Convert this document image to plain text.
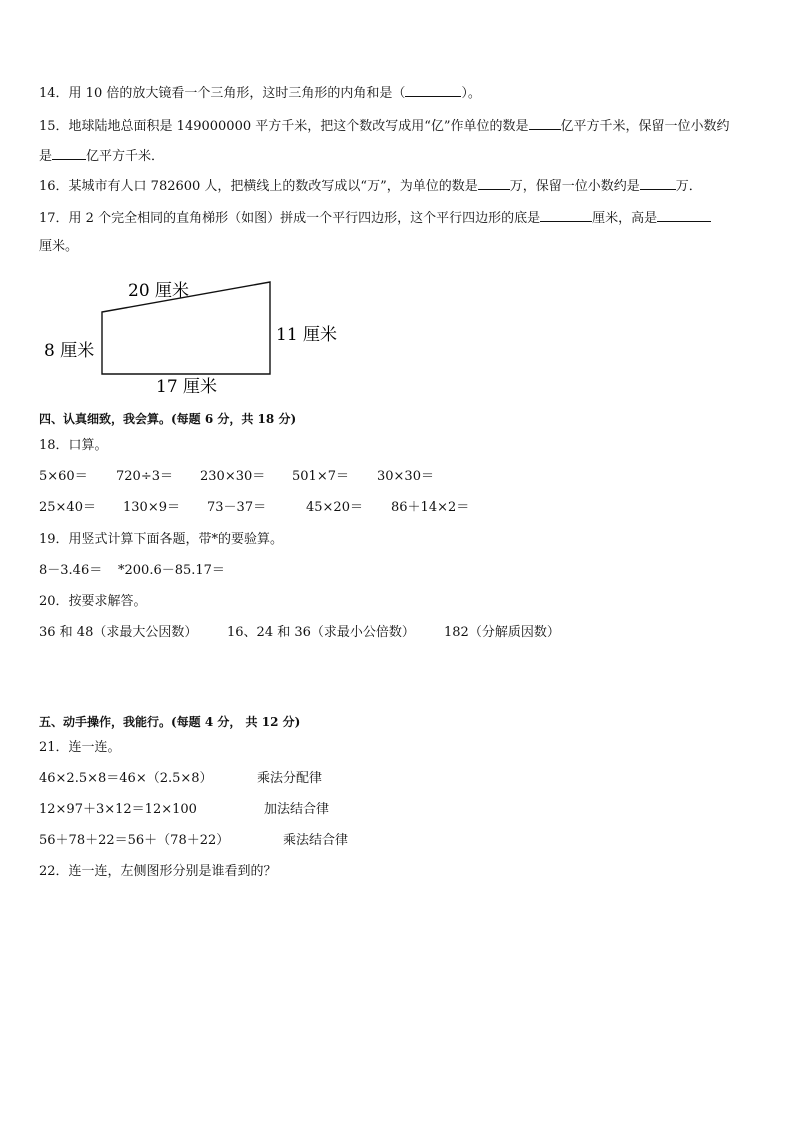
14．用 10 倍的放大镜看一个三角形，这时三角形的内角和是（	）。
15．地球陆地总面积是 149000000 平方千米，把这个数改写成用“亿”作单位的数是 亿平方千米，保留一位小数约
是	亿平方千米．
16．某城市有人口 782600 人，把横线上的数改写成以“万”，为单位的数是 万，保留一位小数约是	万．
17．用 2 个完全相同的直角梯形（如图）拼成一个平行四边形，这个平行四边形的底是	厘米，高是
厘米。
20 厘米
8 厘米
11 厘米
17 厘米
四、认真细致，我会算。(每题 6 分，共 18 分)
18．口算。
5×60＝ 720÷3＝ 230×30＝ 501×7＝ 30×30＝
25×40＝ 130×9＝ 73－37＝	45×20＝ 86＋14×2＝
19．用竖式计算下面各题，带*的要验算。
8－3.46＝ *200.6－85.17＝
20．按要求解答。
36 和 48（求最大公因数） 16、24 和 36（求最小公倍数） 182（分解质因数）
五、动手操作，我能行。(每题 4 分， 共 12 分)
21．连一连。
46×2.5×8＝46×（2.5×8）	乘法分配律
12×97＋3×12＝12×100	加法结合律
56＋78＋22＝56＋（78＋22）	乘法结合律
22．连一连，左侧图形分别是谁看到的？
